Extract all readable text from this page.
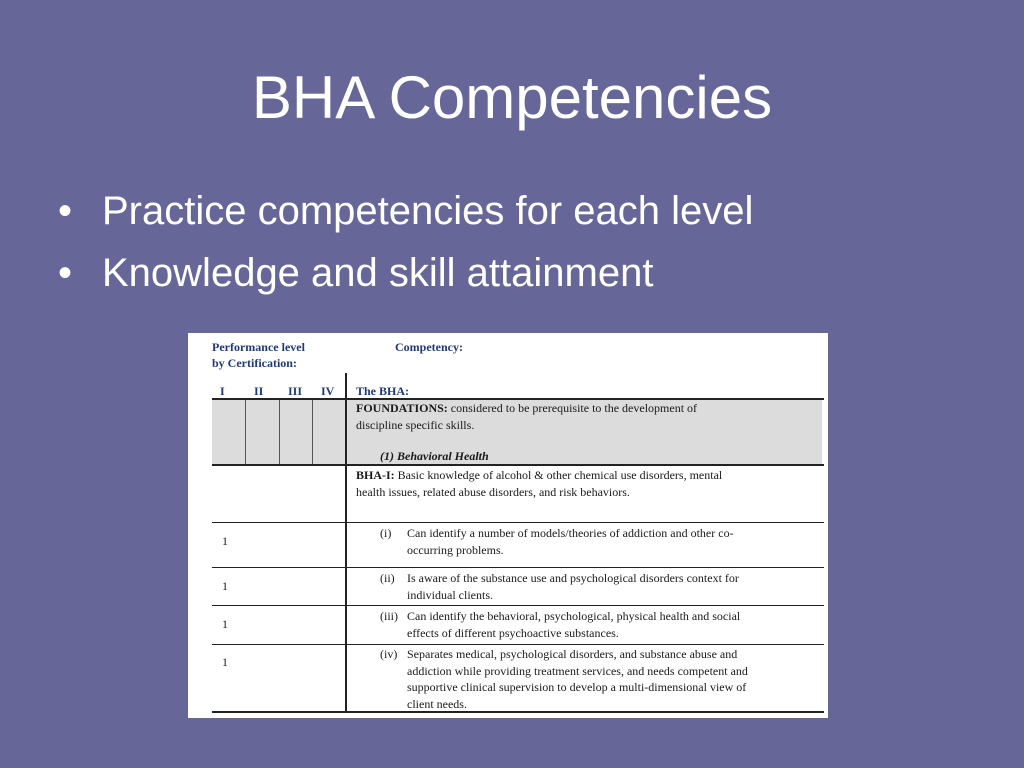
BHA Competencies
• Practice competencies for each level
• Knowledge and skill attainment
Performance level
by Certification:
Competency:
I II III IV The BHA:
FOUNDATIONS: considered to be prerequisite to the development of
discipline specific skills.
(1) Behavioral Health
BHA-I: Basic knowledge of alcohol & other chemical use disorders, mental
health issues, related abuse disorders, and risk behaviors.
1
(i) Can identify a number of models/theories of addiction and other co-
occurring problems.
1
(ii) Is aware of the substance use and psychological disorders context for
individual clients.
1
(iii) Can identify the behavioral, psychological, physical health and social
effects of different psychoactive substances.
1
(iv) Separates medical, psychological disorders, and substance abuse and
addiction while providing treatment services, and needs competent and
supportive clinical supervision to develop a multi-dimensional view of
client needs.
